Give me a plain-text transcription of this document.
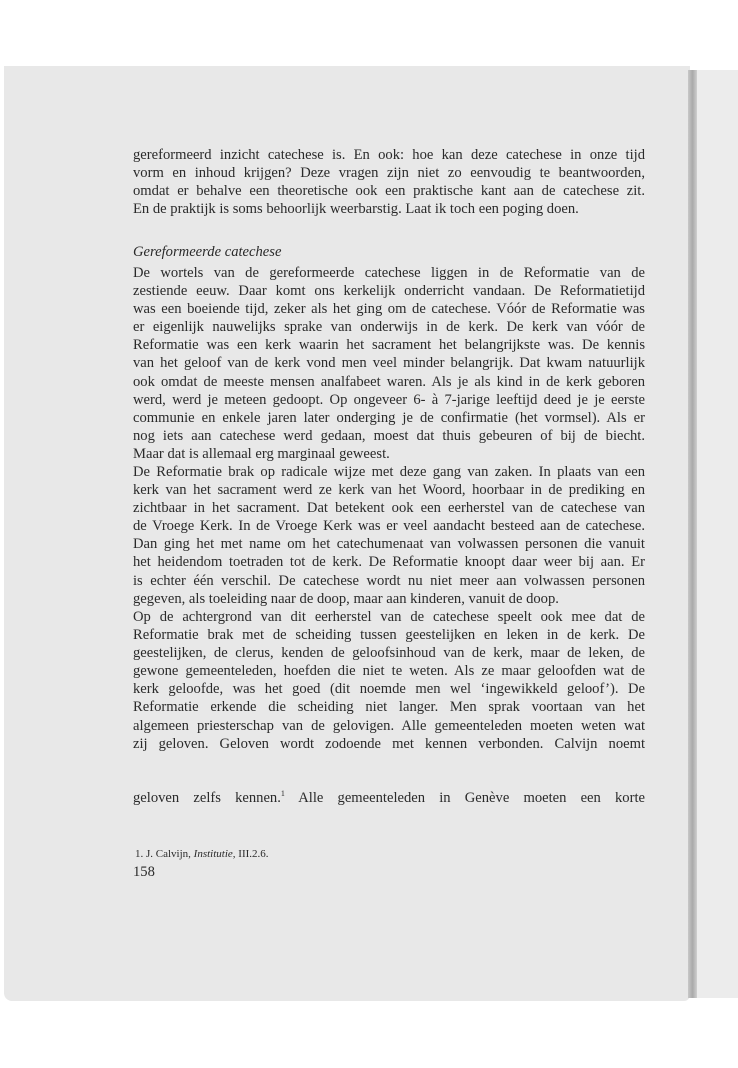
gereformeerd inzicht catechese is. En ook: hoe kan deze catechese in onze tijd
vorm en inhoud krijgen? Deze vragen zijn niet zo eenvoudig te beantwoorden,
omdat er behalve een theoretische ook een praktische kant aan de catechese zit.
En de praktijk is soms behoorlijk weerbarstig. Laat ik toch een poging doen.
Gereformeerde catechese
De wortels van de gereformeerde catechese liggen in de Reformatie van de
zestiende eeuw. Daar komt ons kerkelijk onderricht vandaan. De Reformatietijd
was een boeiende tijd, zeker als het ging om de catechese. Vóór de Reformatie was
er eigenlijk nauwelijks sprake van onderwijs in de kerk. De kerk van vóór de
Reformatie was een kerk waarin het sacrament het belangrijkste was. De kennis
van het geloof van de kerk vond men veel minder belangrijk. Dat kwam natuurlijk
ook omdat de meeste mensen analfabeet waren. Als je als kind in de kerk geboren
werd, werd je meteen gedoopt. Op ongeveer 6- à 7-jarige leeftijd deed je je eerste
communie en enkele jaren later onderging je de confirmatie (het vormsel). Als er
nog iets aan catechese werd gedaan, moest dat thuis gebeuren of bij de biecht.
Maar dat is allemaal erg marginaal geweest.
De Reformatie brak op radicale wijze met deze gang van zaken. In plaats van een
kerk van het sacrament werd ze kerk van het Woord, hoorbaar in de prediking en
zichtbaar in het sacrament. Dat betekent ook een eerherstel van de catechese van
de Vroege Kerk. In de Vroege Kerk was er veel aandacht besteed aan de catechese.
Dan ging het met name om het catechumenaat van volwassen personen die vanuit
het heidendom toetraden tot de kerk. De Reformatie knoopt daar weer bij aan. Er
is echter één verschil. De catechese wordt nu niet meer aan volwassen personen
gegeven, als toeleiding naar de doop, maar aan kinderen, vanuit de doop.
Op de achtergrond van dit eerherstel van de catechese speelt ook mee dat de
Reformatie brak met de scheiding tussen geestelijken en leken in de kerk. De
geestelijken, de clerus, kenden de geloofsinhoud van de kerk, maar de leken, de
gewone gemeenteleden, hoefden die niet te weten. Als ze maar geloofden wat de
kerk geloofde, was het goed (dit noemde men wel ‘ingewikkeld geloof’). De
Reformatie erkende die scheiding niet langer. Men sprak voortaan van het
algemeen priesterschap van de gelovigen. Alle gemeenteleden moeten weten wat
zij geloven. Geloven wordt zodoende met kennen verbonden. Calvijn noemt
geloven zelfs kennen.$^1$ Alle gemeenteleden in Genève moeten een korte
1. J. Calvijn, Institutie, III.2.6.
158
